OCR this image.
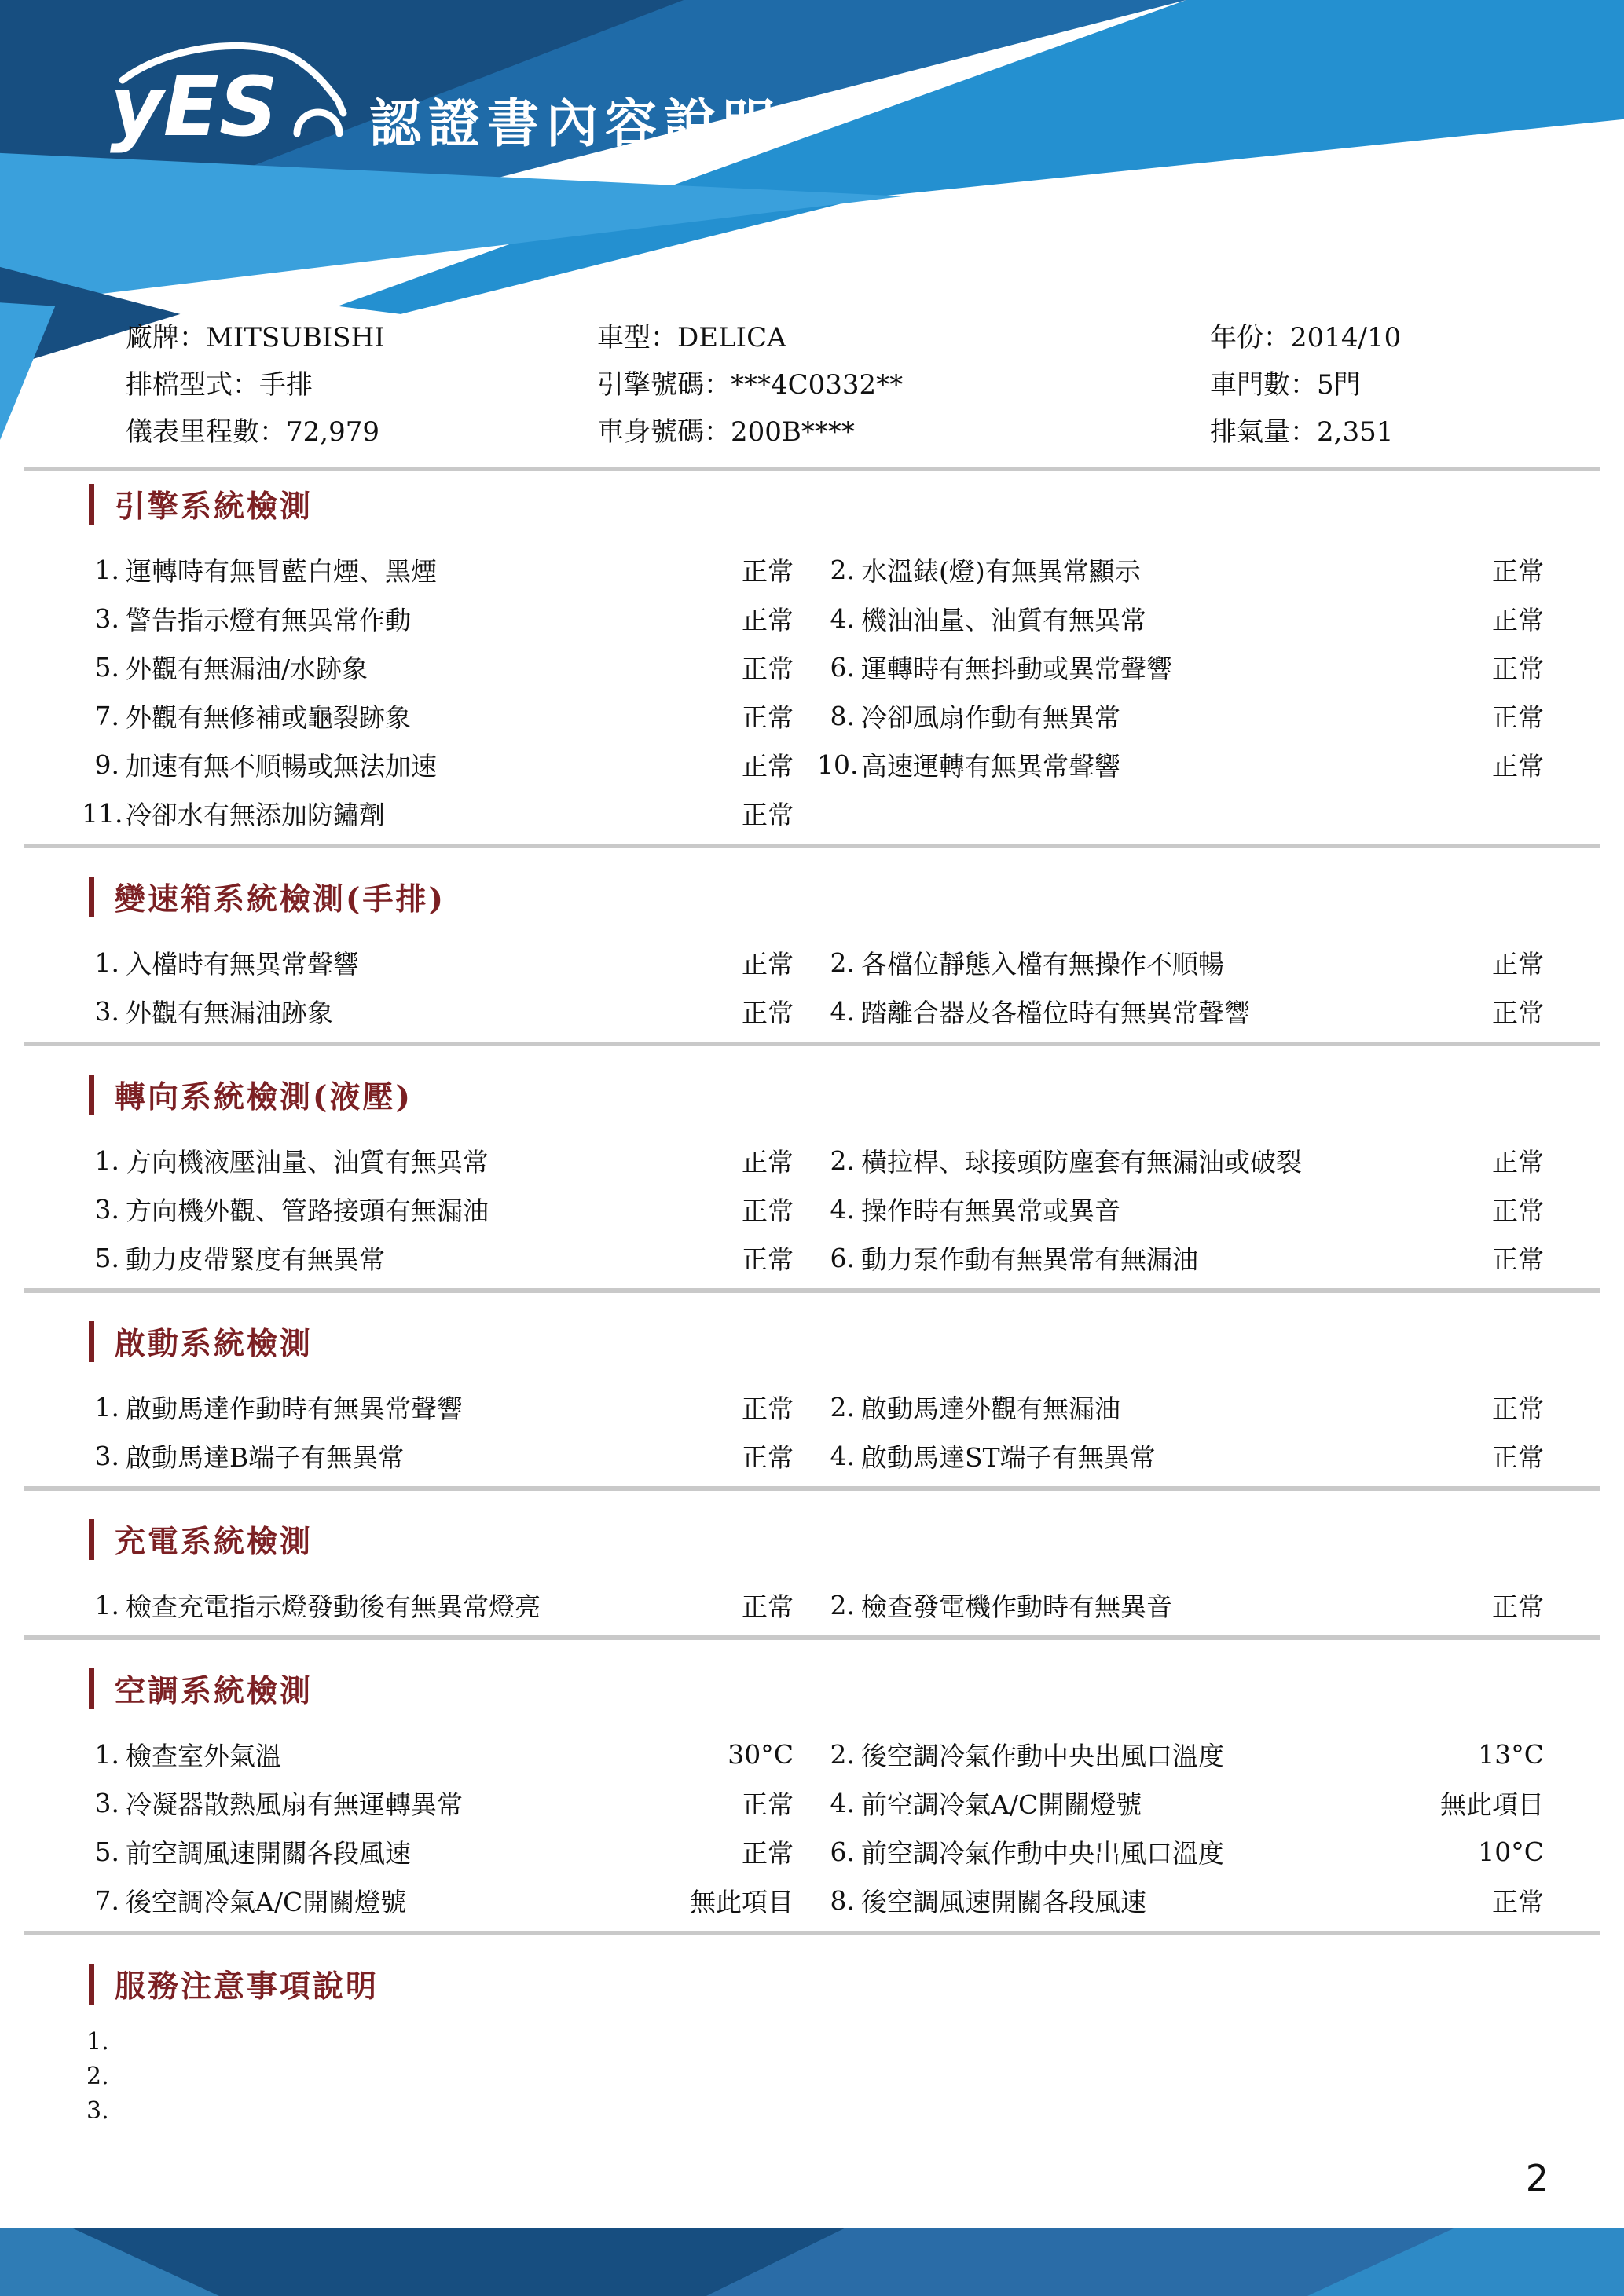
yES 認證書內容說明
廠牌：MITSUBISHI	車型：DELICA	年份：2014/10
排檔型式：手排	引擎號碼：***4C0332**	車門數：5門
儀表里程數：72,979	車身號碼：200B****	排氣量：2,351
引擎系統檢測
1. 運轉時有無冒藍白煙、黑煙	正常	2. 水溫錶(燈)有無異常顯示	正常
3. 警告指示燈有無異常作動	正常	4. 機油油量、油質有無異常	正常
5. 外觀有無漏油/水跡象	正常	6. 運轉時有無抖動或異常聲響	正常
7. 外觀有無修補或龜裂跡象	正常	8. 冷卻風扇作動有無異常	正常
9. 加速有無不順暢或無法加速	正常 10. 高速運轉有無異常聲響	正常
11. 冷卻水有無添加防鏽劑	正常
變速箱系統檢測(手排)
1. 入檔時有無異常聲響	正常	2. 各檔位靜態入檔有無操作不順暢	正常
3. 外觀有無漏油跡象	正常	4. 踏離合器及各檔位時有無異常聲響	正常
轉向系統檢測(液壓)
1. 方向機液壓油量、油質有無異常	正常	2. 橫拉桿、球接頭防塵套有無漏油或破裂	正常
3. 方向機外觀、管路接頭有無漏油	正常	4. 操作時有無異常或異音	正常
5. 動力皮帶緊度有無異常	正常	6. 動力泵作動有無異常有無漏油	正常
啟動系統檢測
1. 啟動馬達作動時有無異常聲響	正常	2. 啟動馬達外觀有無漏油	正常
3. 啟動馬達B端子有無異常	正常	4. 啟動馬達ST端子有無異常	正常
充電系統檢測
1. 檢查充電指示燈發動後有無異常燈亮	正常	2. 檢查發電機作動時有無異音	正常
空調系統檢測
1. 檢查室外氣溫	30°C	2. 後空調冷氣作動中央出風口溫度	13°C
3. 冷凝器散熱風扇有無運轉異常	正常	4. 前空調冷氣A/C開關燈號	無此項目
5. 前空調風速開關各段風速	正常	6. 前空調冷氣作動中央出風口溫度	10°C
7. 後空調冷氣A/C開關燈號	無此項目	8. 後空調風速開關各段風速	正常
服務注意事項說明
1.
2.
3.
2
